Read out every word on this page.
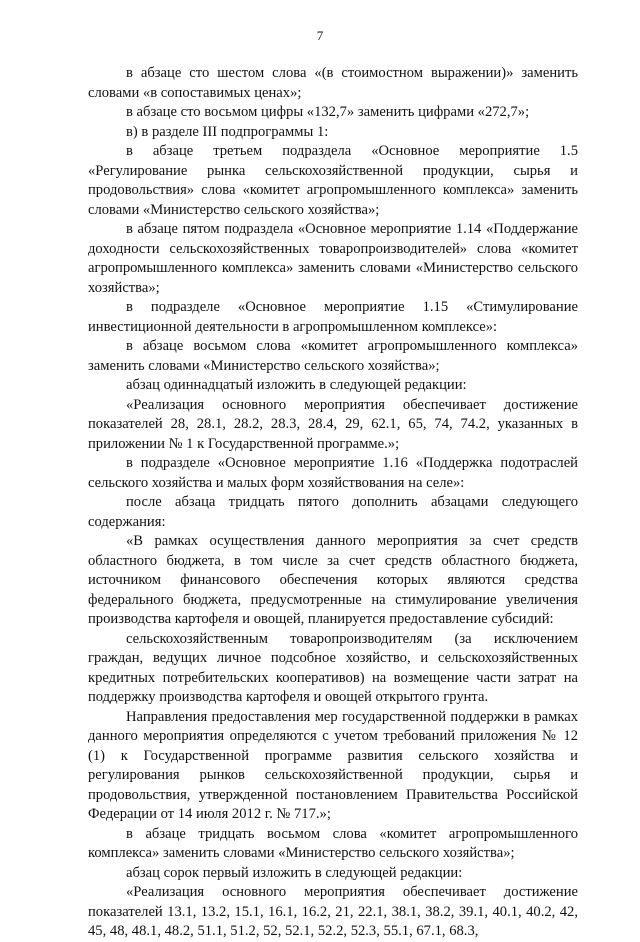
7

в абзаце сто шестом слова «(в стоимостном выражении)» заменить словами «в сопоставимых ценах»;

в абзаце сто восьмом цифры «132,7» заменить цифрами «272,7»;

в) в разделе III подпрограммы 1:

в абзаце третьем подраздела «Основное мероприятие 1.5 «Регулирование рынка сельскохозяйственной продукции, сырья и продовольствия» слова «комитет агропромышленного комплекса» заменить словами «Министерство сельского хозяйства»;

в абзаце пятом подраздела «Основное мероприятие 1.14 «Поддержание доходности сельскохозяйственных товаропроизводителей» слова «комитет агропромышленного комплекса» заменить словами «Министерство сельского хозяйства»;

в подразделе «Основное мероприятие 1.15 «Стимулирование инвестиционной деятельности в агропромышленном комплексе»:

в абзаце восьмом слова «комитет агропромышленного комплекса» заменить словами «Министерство сельского хозяйства»;

абзац одиннадцатый изложить в следующей редакции:

«Реализация основного мероприятия обеспечивает достижение показателей 28, 28.1, 28.2, 28.3, 28.4, 29, 62.1, 65, 74, 74.2, указанных в приложении № 1 к Государственной программе.»;

в подразделе «Основное мероприятие 1.16 «Поддержка подотраслей сельского хозяйства и малых форм хозяйствования на селе»:

после абзаца тридцать пятого дополнить абзацами следующего содержания:

«В рамках осуществления данного мероприятия за счет средств областного бюджета, в том числе за счет средств областного бюджета, источником финансового обеспечения которых являются средства федерального бюджета, предусмотренные на стимулирование увеличения производства картофеля и овощей, планируется предоставление субсидий:

сельскохозяйственным товаропроизводителям (за исключением граждан, ведущих личное подсобное хозяйство, и сельскохозяйственных кредитных потребительских кооперативов) на возмещение части затрат на поддержку производства картофеля и овощей открытого грунта.

Направления предоставления мер государственной поддержки в рамках данного мероприятия определяются с учетом требований приложения № 12 (1) к Государственной программе развития сельского хозяйства и регулирования рынков сельскохозяйственной продукции, сырья и продовольствия, утвержденной постановлением Правительства Российской Федерации от 14 июля 2012 г. № 717.»;

в абзаце тридцать восьмом слова «комитет агропромышленного комплекса» заменить словами «Министерство сельского хозяйства»;

абзац сорок первый изложить в следующей редакции:

«Реализация основного мероприятия обеспечивает достижение показателей 13.1, 13.2, 15.1, 16.1, 16.2, 21, 22.1, 38.1, 38.2, 39.1, 40.1, 40.2, 42, 45, 48, 48.1, 48.2, 51.1, 51.2, 52, 52.1, 52.2, 52.3, 55.1, 67.1, 68.3,
